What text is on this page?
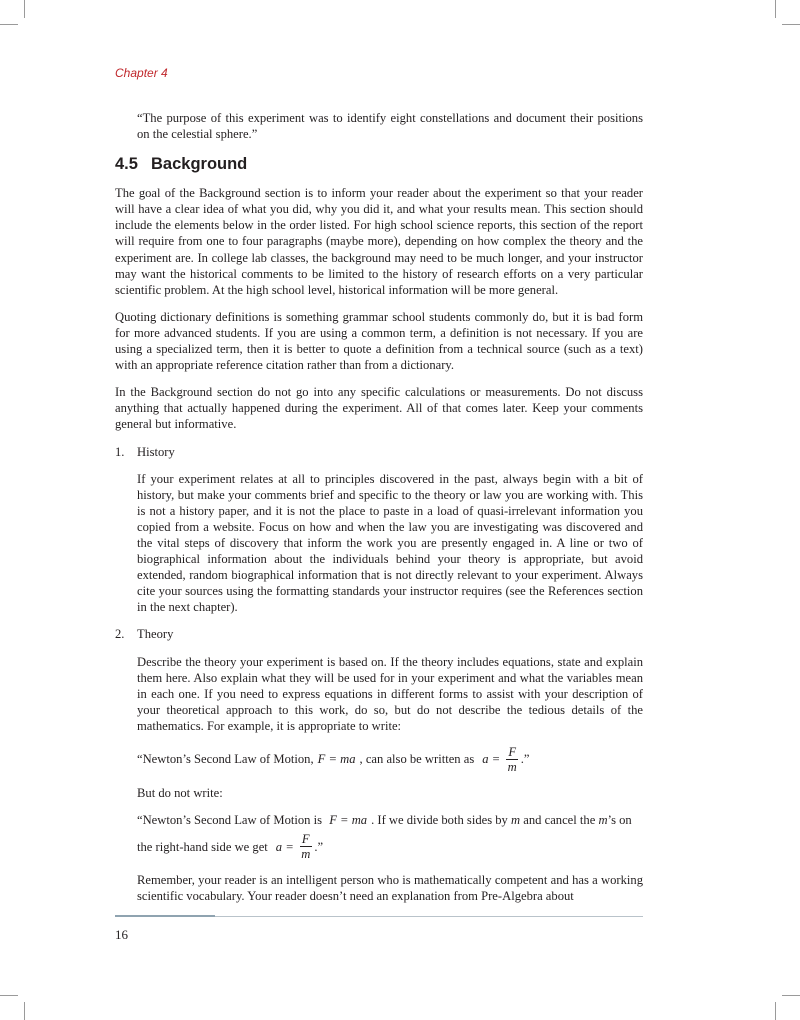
Chapter 4

“The purpose of this experiment was to identify eight constellations and document their positions on the celestial sphere.”

4.5 Background

The goal of the Background section is to inform your reader about the experiment so that your reader will have a clear idea of what you did, why you did it, and what your results mean. This section should include the elements below in the order listed. For high school science reports, this section of the report will require from one to four paragraphs (maybe more), depending on how complex the theory and the experiment are. In college lab classes, the background may need to be much longer, and your instructor may want the historical comments to be limited to the history of research efforts on a very particular scientific problem. At the high school level, historical information will be more general.

Quoting dictionary definitions is something grammar school students commonly do, but it is bad form for more advanced students. If you are using a common term, a definition is not necessary. If you are using a specialized term, then it is better to quote a definition from a technical source (such as a text) with an appropriate reference citation rather than from a dictionary.

In the Background section do not go into any specific calculations or measurements. Do not discuss anything that actually happened during the experiment. All of that comes later. Keep your comments general but informative.

1. History

If your experiment relates at all to principles discovered in the past, always begin with a bit of history, but make your comments brief and specific to the theory or law you are working with. This is not a history paper, and it is not the place to paste in a load of quasi-irrelevant information you copied from a website. Focus on how and when the law you are investigating was discovered and the vital steps of discovery that inform the work you are presently engaged in. A line or two of biographical information about the individuals behind your theory is appropriate, but avoid extended, random biographical information that is not directly relevant to your experiment. Always cite your sources using the formatting standards your instructor requires (see the References section in the next chapter).

2. Theory

Describe the theory your experiment is based on. If the theory includes equations, state and explain them here. Also explain what they will be used for in your experiment and what the variables mean in each one. If you need to express equations in different forms to assist with your description of your theoretical approach to this work, do so, but do not describe the tedious details of the mathematics. For example, it is appropriate to write:

“Newton’s Second Law of Motion, F = ma , can also be written as $a = \frac{F}{m}$ .”

But do not write:

“Newton’s Second Law of Motion is F = ma . If we divide both sides by m and cancel the m’s on

the right-hand side we get $a = \frac{F}{m}$ .”

Remember, your reader is an intelligent person who is mathematically competent and has a working scientific vocabulary. Your reader doesn’t need an explanation from Pre-Algebra about

16
